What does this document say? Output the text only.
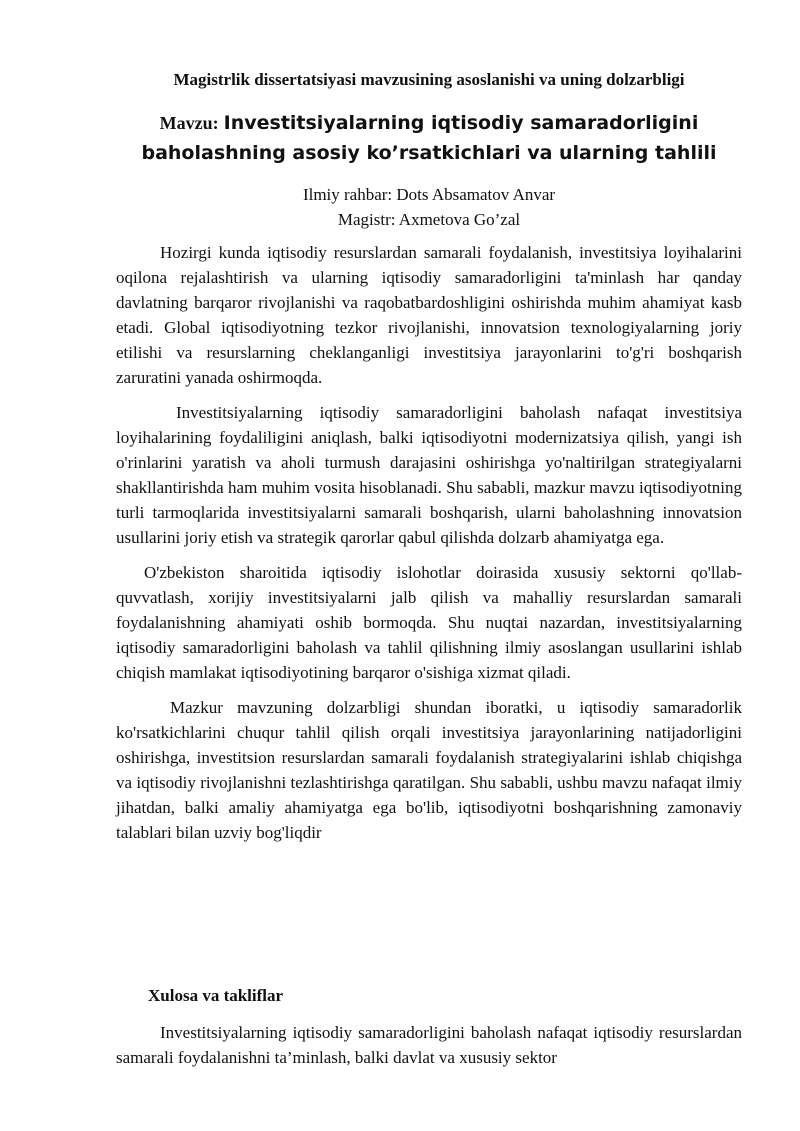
Magistrlik dissertatsiyasi mavzusining asoslanishi va uning dolzarbligi
Mavzu: Investitsiyalarning iqtisodiy samaradorligini baholashning asosiy ko’rsatkichlari va ularning tahlili
Ilmiy rahbar: Dots Absamatov Anvar
Magistr: Axmetova Go’zal

Hozirgi kunda iqtisodiy resurslardan samarali foydalanish, investitsiya loyihalarini oqilona rejalashtirish va ularning iqtisodiy samaradorligini ta'minlash har qanday davlatning barqaror rivojlanishi va raqobatbardoshligini oshirishda muhim ahamiyat kasb etadi. Global iqtisodiyotning tezkor rivojlanishi, innovatsion texnologiyalarning joriy etilishi va resurslarning cheklanganligi investitsiya jarayonlarini to'g'ri boshqarish zaruratini yanada oshirmoqda.

Investitsiyalarning iqtisodiy samaradorligini baholash nafaqat investitsiya loyihalarining foydaliligini aniqlash, balki iqtisodiyotni modernizatsiya qilish, yangi ish o'rinlarini yaratish va aholi turmush darajasini oshirishga yo'naltirilgan strategiyalarni shakllantirishda ham muhim vosita hisoblanadi. Shu sababli, mazkur mavzu iqtisodiyotning turli tarmoqlarida investitsiyalarni samarali boshqarish, ularni baholashning innovatsion usullarini joriy etish va strategik qarorlar qabul qilishda dolzarb ahamiyatga ega.

O'zbekiston sharoitida iqtisodiy islohotlar doirasida xususiy sektorni qo'llab-quvvatlash, xorijiy investitsiyalarni jalb qilish va mahalliy resurslardan samarali foydalanishning ahamiyati oshib bormoqda. Shu nuqtai nazardan, investitsiyalarning iqtisodiy samaradorligini baholash va tahlil qilishning ilmiy asoslangan usullarini ishlab chiqish mamlakat iqtisodiyotining barqaror o'sishiga xizmat qiladi.

Mazkur mavzuning dolzarbligi shundan iboratki, u iqtisodiy samaradorlik ko'rsatkichlarini chuqur tahlil qilish orqali investitsiya jarayonlarining natijadorligini oshirishga, investitsion resurslardan samarali foydalanish strategiyalarini ishlab chiqishga va iqtisodiy rivojlanishni tezlashtirishga qaratilgan. Shu sababli, ushbu mavzu nafaqat ilmiy jihatdan, balki amaliy ahamiyatga ega bo'lib, iqtisodiyotni boshqarishning zamonaviy talablari bilan uzviy bog'liqdir

Xulosa va takliflar

Investitsiyalarning iqtisodiy samaradorligini baholash nafaqat iqtisodiy resurslardan samarali foydalanishni ta’minlash, balki davlat va xususiy sektor
